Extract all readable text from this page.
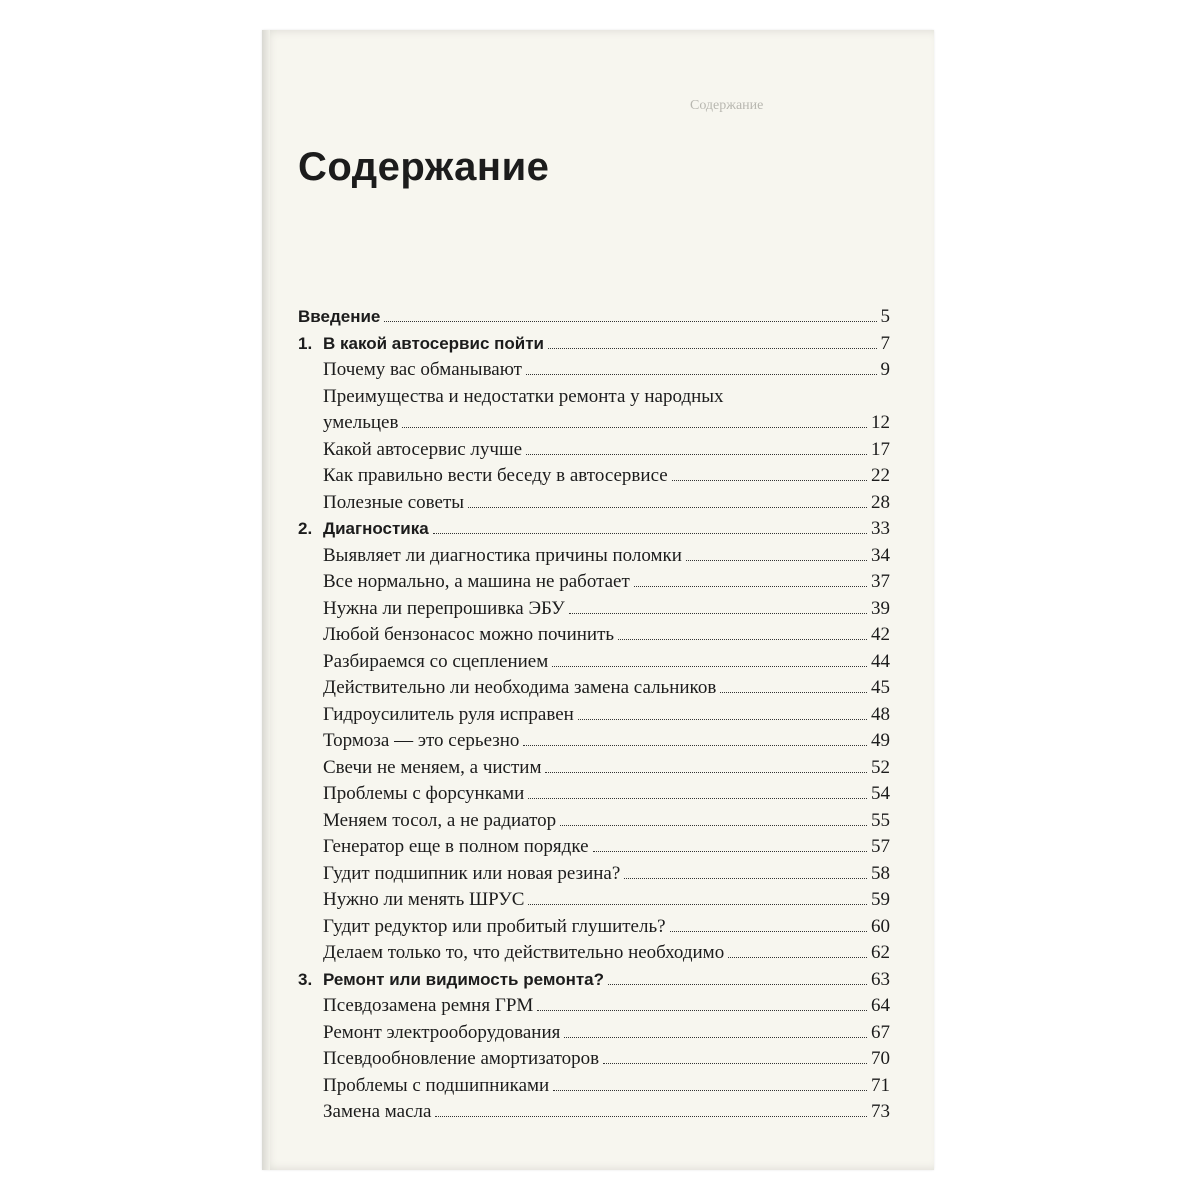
Содержание
Содержание
Введение	5
1. В какой автосервис пойти	7
Почему вас обманывают	9
Преимущества и недостатки ремонта у народных
умельцев	12
Какой автосервис лучше	17
Как правильно вести беседу в автосервисе	22
Полезные советы	28
2. Диагностика	33
Выявляет ли диагностика причины поломки	34
Все нормально, а машина не работает	37
Нужна ли перепрошивка ЭБУ	39
Любой бензонасос можно починить	42
Разбираемся со сцеплением	44
Действительно ли необходима замена сальников	45
Гидроусилитель руля исправен	48
Тормоза — это серьезно	49
Свечи не меняем, а чистим	52
Проблемы с форсунками	54
Меняем тосол, а не радиатор	55
Генератор еще в полном порядке	57
Гудит подшипник или новая резина?	58
Нужно ли менять ШРУС	59
Гудит редуктор или пробитый глушитель?	60
Делаем только то, что действительно необходимо	62
3. Ремонт или видимость ремонта?	63
Псевдозамена ремня ГРМ	64
Ремонт электрооборудования	67
Псевдообновление амортизаторов	70
Проблемы с подшипниками	71
Замена масла	73
